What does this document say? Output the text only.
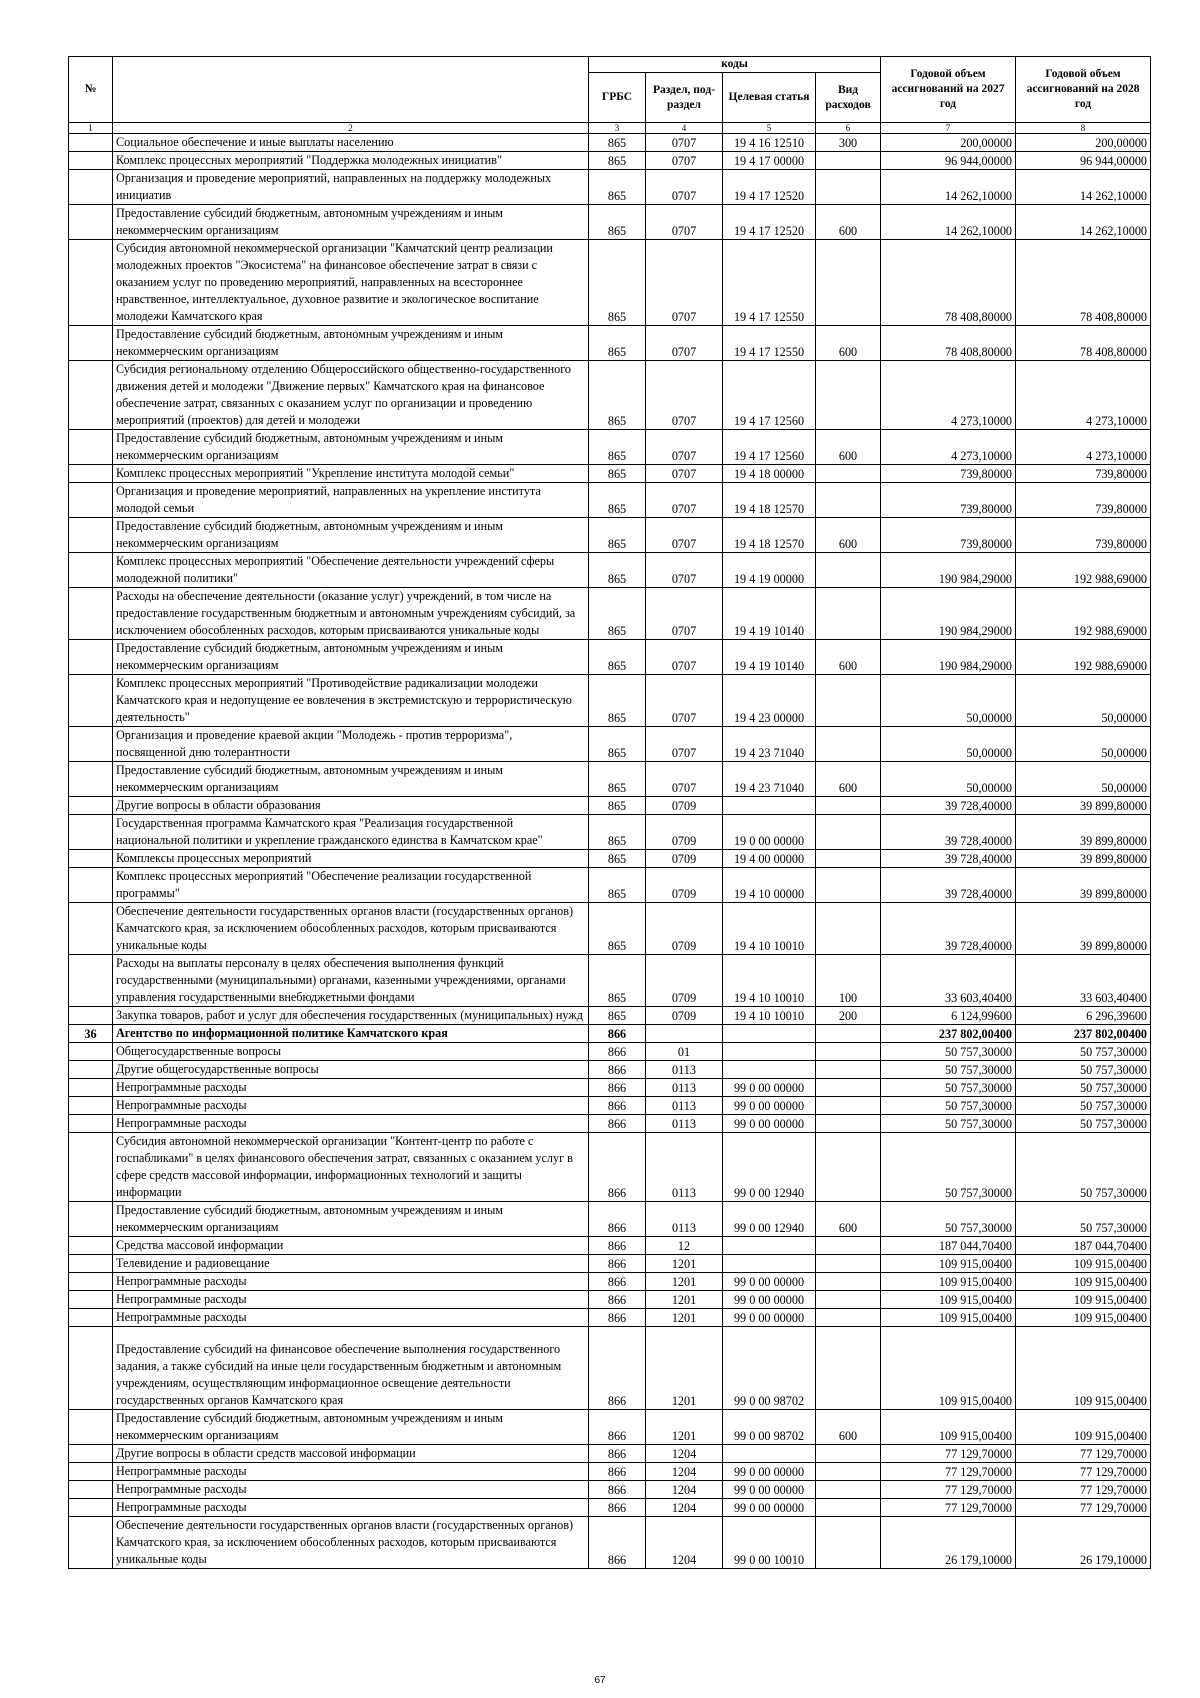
№		коды				Годовой объем ассигнований на 2027 год	Годовой объем ассигнований на 2028 год
		ГРБС	Раздел, под-раздел	Целевая статья	Вид расходов		
1	2	3	4	5	6	7	8
	Социальное обеспечение и иные выплаты населению	865	0707	19 4 16 12510	300	200,00000	200,00000
	Комплекс процессных мероприятий "Поддержка молодежных инициатив"	865	0707	19 4 17 00000		96 944,00000	96 944,00000
	Организация и проведение мероприятий, направленных на поддержку молодежных инициатив	865	0707	19 4 17 12520		14 262,10000	14 262,10000
	Предоставление субсидий бюджетным, автономным учреждениям и иным некоммерческим организациям	865	0707	19 4 17 12520	600	14 262,10000	14 262,10000
	Субсидия автономной некоммерческой организации "Камчатский центр реализации молодежных проектов "Экосистема" на финансовое обеспечение затрат в связи с оказанием услуг по проведению мероприятий, направленных на всестороннее нравственное, интеллектуальное, духовное развитие и экологическое воспитание молодежи Камчатского края	865	0707	19 4 17 12550		78 408,80000	78 408,80000
	Предоставление субсидий бюджетным, автономным учреждениям и иным некоммерческим организациям	865	0707	19 4 17 12550	600	78 408,80000	78 408,80000
	Субсидия региональному отделению Общероссийского общественно-государственного движения детей и молодежи "Движение первых" Камчатского края на финансовое обеспечение затрат, связанных с оказанием услуг по организации и проведению мероприятий (проектов) для детей и молодежи	865	0707	19 4 17 12560		4 273,10000	4 273,10000
	Предоставление субсидий бюджетным, автономным учреждениям и иным некоммерческим организациям	865	0707	19 4 17 12560	600	4 273,10000	4 273,10000
	Комплекс процессных мероприятий "Укрепление института молодой семьи"	865	0707	19 4 18 00000		739,80000	739,80000
	Организация и проведение мероприятий, направленных на укрепление института молодой семьи	865	0707	19 4 18 12570		739,80000	739,80000
	Предоставление субсидий бюджетным, автономным учреждениям и иным некоммерческим организациям	865	0707	19 4 18 12570	600	739,80000	739,80000
	Комплекс процессных мероприятий "Обеспечение деятельности учреждений сферы молодежной политики"	865	0707	19 4 19 00000		190 984,29000	192 988,69000
	Расходы на обеспечение деятельности (оказание услуг) учреждений, в том числе на предоставление государственным бюджетным и автономным учреждениям субсидий, за исключением обособленных расходов, которым присваиваются уникальные коды	865	0707	19 4 19 10140		190 984,29000	192 988,69000
	Предоставление субсидий бюджетным, автономным учреждениям и иным некоммерческим организациям	865	0707	19 4 19 10140	600	190 984,29000	192 988,69000
	Комплекс процессных мероприятий "Противодействие радикализации молодежи Камчатского края и недопущение ее вовлечения в экстремистскую и террористическую деятельность"	865	0707	19 4 23 00000		50,00000	50,00000
	Организация и проведение краевой акции "Молодежь - против терроризма", посвященной дню толерантности	865	0707	19 4 23 71040		50,00000	50,00000
	Предоставление субсидий бюджетным, автономным учреждениям и иным некоммерческим организациям	865	0707	19 4 23 71040	600	50,00000	50,00000
	Другие вопросы в области образования	865	0709			39 728,40000	39 899,80000
	Государственная программа Камчатского края "Реализация государственной национальной политики и укрепление гражданского единства в Камчатском крае"	865	0709	19 0 00 00000		39 728,40000	39 899,80000
	Комплексы процессных мероприятий	865	0709	19 4 00 00000		39 728,40000	39 899,80000
	Комплекс процессных мероприятий "Обеспечение реализации государственной программы"	865	0709	19 4 10 00000		39 728,40000	39 899,80000
	Обеспечение деятельности государственных органов власти (государственных органов) Камчатского края, за исключением обособленных расходов, которым присваиваются уникальные коды	865	0709	19 4 10 10010		39 728,40000	39 899,80000
	Расходы на выплаты персоналу в целях обеспечения выполнения функций государственными (муниципальными) органами, казенными учреждениями, органами управления государственными внебюджетными фондами	865	0709	19 4 10 10010	100	33 603,40400	33 603,40400
	Закупка товаров, работ и услуг для обеспечения государственных (муниципальных) нужд	865	0709	19 4 10 10010	200	6 124,99600	6 296,39600
36	Агентство по информационной политике Камчатского края	866				237 802,00400	237 802,00400
	Общегосударственные вопросы	866	01			50 757,30000	50 757,30000
	Другие общегосударственные вопросы	866	0113			50 757,30000	50 757,30000
	Непрограммные расходы	866	0113	99 0 00 00000		50 757,30000	50 757,30000
	Непрограммные расходы	866	0113	99 0 00 00000		50 757,30000	50 757,30000
	Непрограммные расходы	866	0113	99 0 00 00000		50 757,30000	50 757,30000
	Субсидия автономной некоммерческой организации "Контент-центр по работе с госпабликами" в целях финансового обеспечения затрат, связанных с оказанием услуг в сфере средств массовой информации, информационных технологий и защиты информации	866	0113	99 0 00 12940		50 757,30000	50 757,30000
	Предоставление субсидий бюджетным, автономным учреждениям и иным некоммерческим организациям	866	0113	99 0 00 12940	600	50 757,30000	50 757,30000
	Средства массовой информации	866	12			187 044,70400	187 044,70400
	Телевидение и радиовещание	866	1201			109 915,00400	109 915,00400
	Непрограммные расходы	866	1201	99 0 00 00000		109 915,00400	109 915,00400
	Непрограммные расходы	866	1201	99 0 00 00000		109 915,00400	109 915,00400
	Непрограммные расходы	866	1201	99 0 00 00000		109 915,00400	109 915,00400
	Предоставление субсидий на финансовое обеспечение выполнения государственного задания, а также субсидий на иные цели государственным бюджетным и автономным учреждениям, осуществляющим информационное освещение деятельности государственных органов Камчатского края	866	1201	99 0 00 98702		109 915,00400	109 915,00400
	Предоставление субсидий бюджетным, автономным учреждениям и иным некоммерческим организациям	866	1201	99 0 00 98702	600	109 915,00400	109 915,00400
	Другие вопросы в области средств массовой информации	866	1204			77 129,70000	77 129,70000
	Непрограммные расходы	866	1204	99 0 00 00000		77 129,70000	77 129,70000
	Непрограммные расходы	866	1204	99 0 00 00000		77 129,70000	77 129,70000
	Непрограммные расходы	866	1204	99 0 00 00000		77 129,70000	77 129,70000
	Обеспечение деятельности государственных органов власти (государственных органов) Камчатского края, за исключением обособленных расходов, которым присваиваются уникальные коды	866	1204	99 0 00 10010		26 179,10000	26 179,10000
67
